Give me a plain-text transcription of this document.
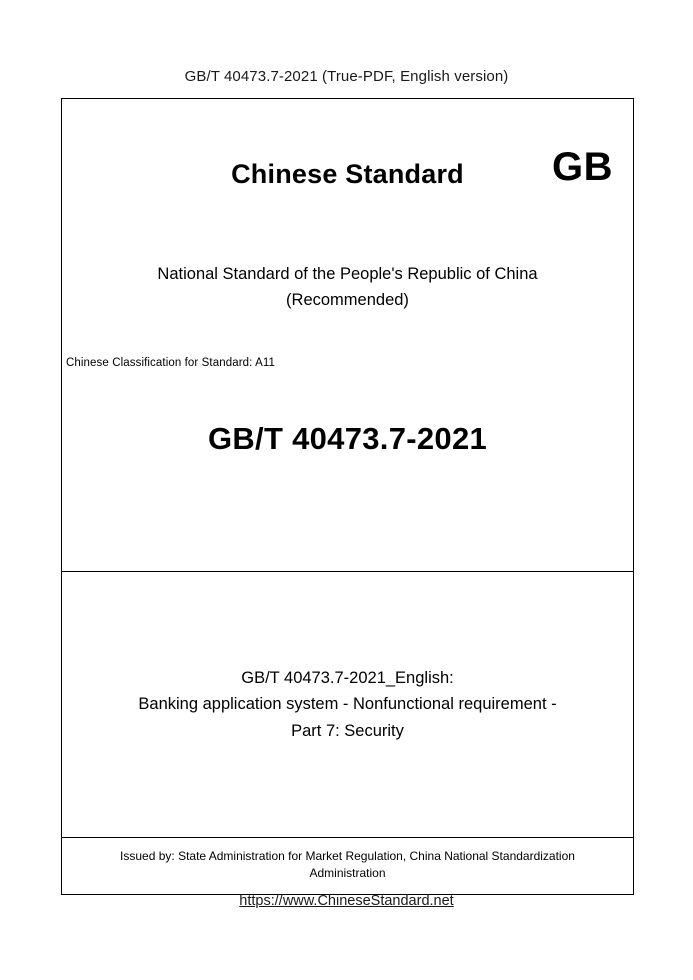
GB/T 40473.7-2021 (True-PDF, English version)
Chinese Standard	GB
National Standard of the People's Republic of China
(Recommended)
Chinese Classification for Standard: A11
GB/T 40473.7-2021
GB/T 40473.7-2021_English:
Banking application system - Nonfunctional requirement -
Part 7: Security
Issued by: State Administration for Market Regulation, China National Standardization Administration
https://www.ChineseStandard.net
